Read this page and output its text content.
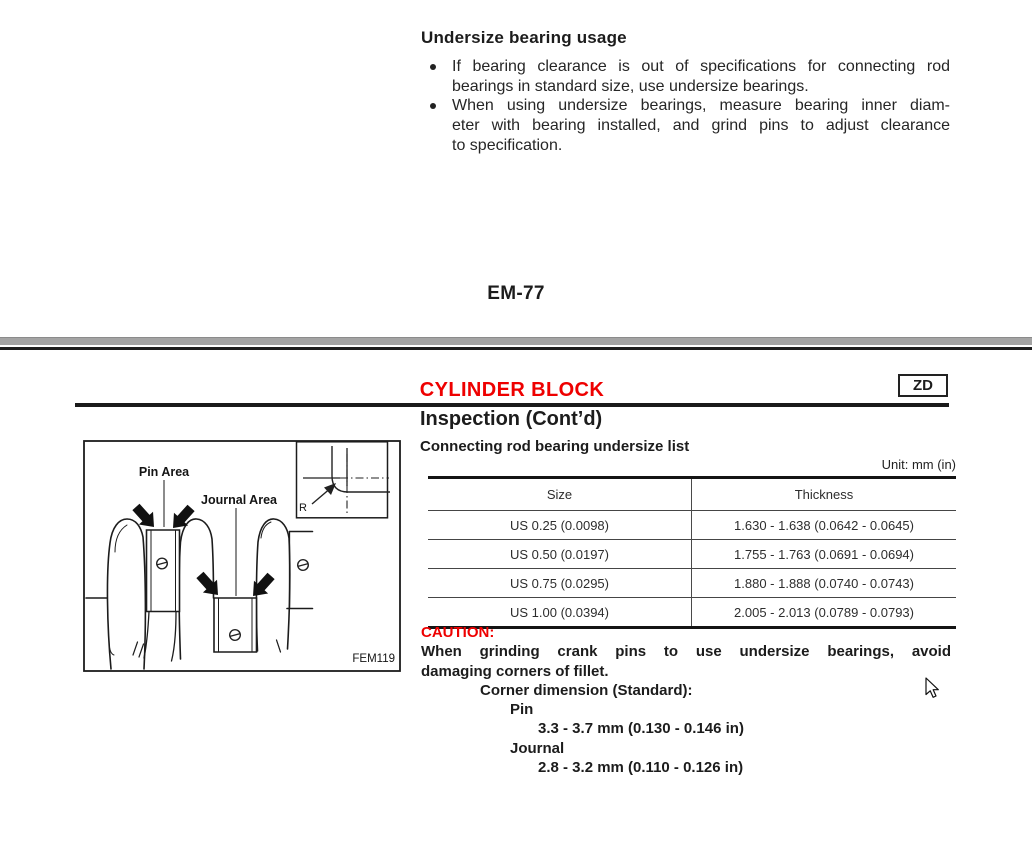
Undersize bearing usage
If bearing clearance is out of specifications for connecting rod
bearings in standard size, use undersize bearings.
When using undersize bearings, measure bearing inner diam-
eter with bearing installed, and grind pins to adjust clearance
to specification.
EM-77
CYLINDER BLOCK	ZD
Inspection (Cont’d)
Connecting rod bearing undersize list
Unit: mm (in)
Size	Thickness
US 0.25 (0.0098)	1.630 - 1.638 (0.0642 - 0.0645)
US 0.50 (0.0197)	1.755 - 1.763 (0.0691 - 0.0694)
US 0.75 (0.0295)	1.880 - 1.888 (0.0740 - 0.0743)
US 1.00 (0.0394)	2.005 - 2.013 (0.0789 - 0.0793)
R
Pin Area
Journal Area
FEM119
CAUTION:
When grinding crank pins to use undersize bearings, avoid
damaging corners of fillet.
Corner dimension (Standard):
Pin
3.3 - 3.7 mm (0.130 - 0.146 in)
Journal
2.8 - 3.2 mm (0.110 - 0.126 in)
